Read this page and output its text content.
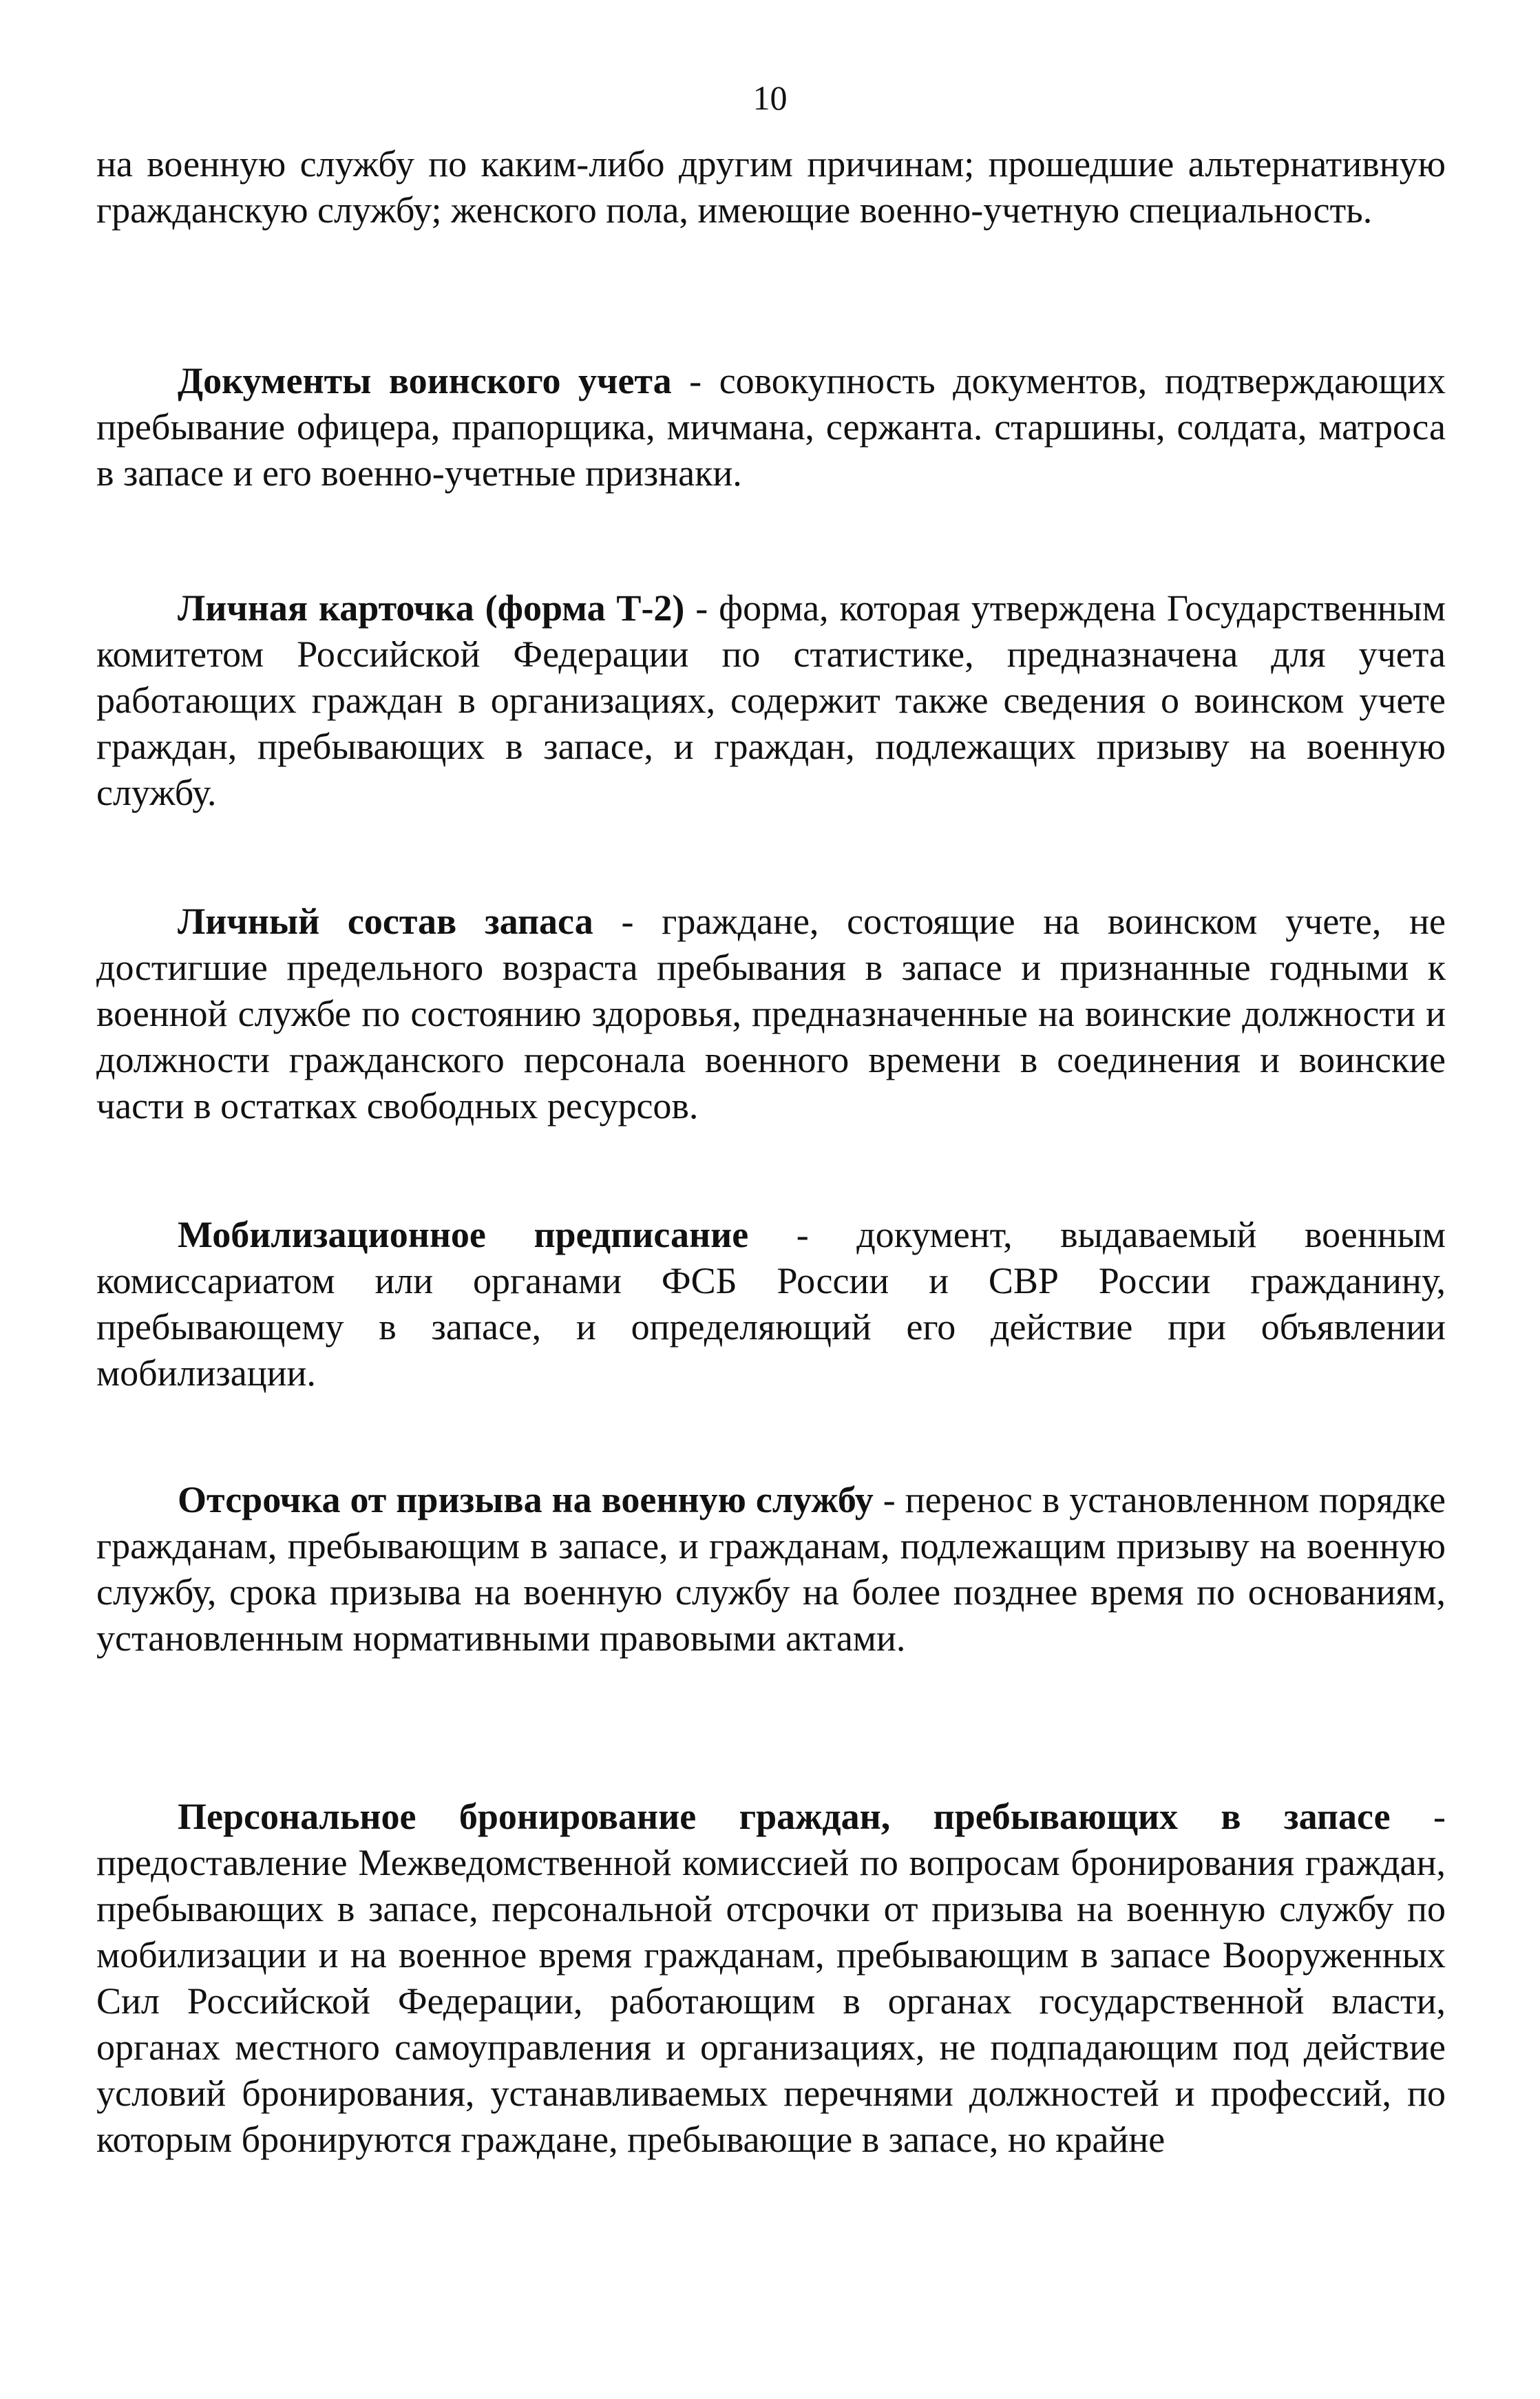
10

на военную службу по каким-либо другим причинам; прошедшие альтернативную гражданскую службу; женского пола, имеющие военно-учетную специальность.

Документы воинского учета - совокупность документов, подтверждающих пребывание офицера, прапорщика, мичмана, сержанта. старшины, солдата, матроса в запасе и его военно-учетные признаки.

Личная карточка (форма Т-2) - форма, которая утверждена Государственным комитетом Российской Федерации по статистике, предназначена для учета работающих граждан в организациях, содержит также сведения о воинском учете граждан, пребывающих в запасе, и граждан, подлежащих призыву на военную службу.

Личный состав запаса - граждане, состоящие на воинском учете, не достигшие предельного возраста пребывания в запасе и признанные годными к военной службе по состоянию здоровья, предназначенные на воинские должности и должности гражданского персонала военного времени в соединения и воинские части в остатках свободных ресурсов.

Мобилизационное предписание - документ, выдаваемый военным комиссариатом или органами ФСБ России и СВР России гражданину, пребывающему в запасе, и определяющий его действие при объявлении мобилизации.

Отсрочка от призыва на военную службу - перенос в установленном порядке гражданам, пребывающим в запасе, и гражданам, подлежащим призыву на военную службу, срока призыва на военную службу на более позднее время по основаниям, установленным нормативными правовыми актами.

Персональное бронирование граждан, пребывающих в запасе - предоставление Межведомственной комиссией по вопросам бронирования граждан, пребывающих в запасе, персональной отсрочки от призыва на военную службу по мобилизации и на военное время гражданам, пребывающим в запасе Вооруженных Сил Российской Федерации, работающим в органах государственной власти, органах местного самоуправления и организациях, не подпадающим под действие условий бронирования, устанавливаемых перечнями должностей и профессий, по которым бронируются граждане, пребывающие в запасе, но крайне
